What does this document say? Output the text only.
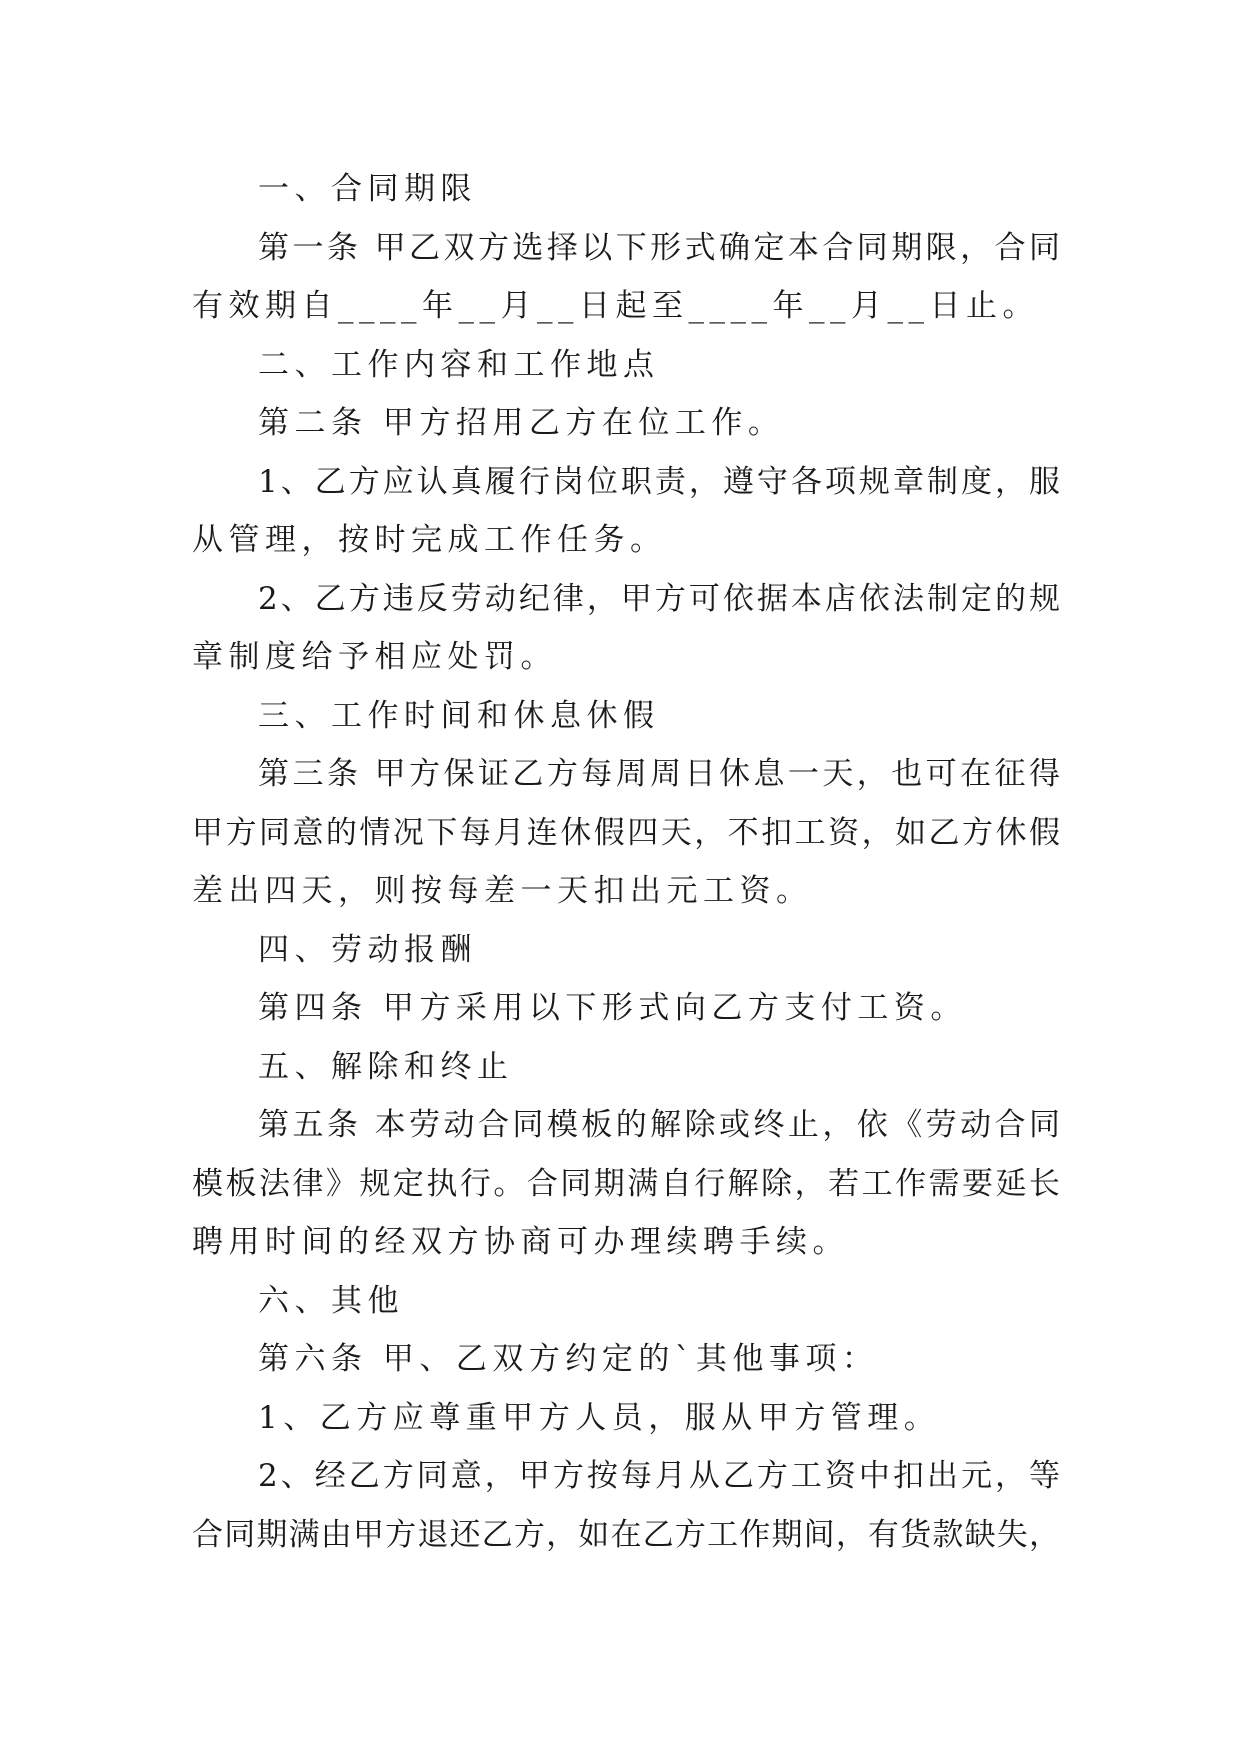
一、合同期限
第一条 甲乙双方选择以下形式确定本合同期限，合同
有效期自____年__月__日起至____年__月__日止。
二、工作内容和工作地点
第二条 甲方招用乙方在位工作。
1、乙方应认真履行岗位职责，遵守各项规章制度，服
从管理，按时完成工作任务。
2、乙方违反劳动纪律，甲方可依据本店依法制定的规
章制度给予相应处罚。
三、工作时间和休息休假
第三条 甲方保证乙方每周周日休息一天，也可在征得
甲方同意的情况下每月连休假四天，不扣工资，如乙方休假
差出四天，则按每差一天扣出元工资。
四、劳动报酬
第四条 甲方采用以下形式向乙方支付工资。
五、解除和终止
第五条 本劳动合同模板的解除或终止，依《劳动合同
模板法律》规定执行。合同期满自行解除，若工作需要延长
聘用时间的经双方协商可办理续聘手续。
六、其他
第六条 甲、乙双方约定的`其他事项：
1、乙方应尊重甲方人员，服从甲方管理。
2、经乙方同意，甲方按每月从乙方工资中扣出元，等
合同期满由甲方退还乙方，如在乙方工作期间，有货款缺失，
